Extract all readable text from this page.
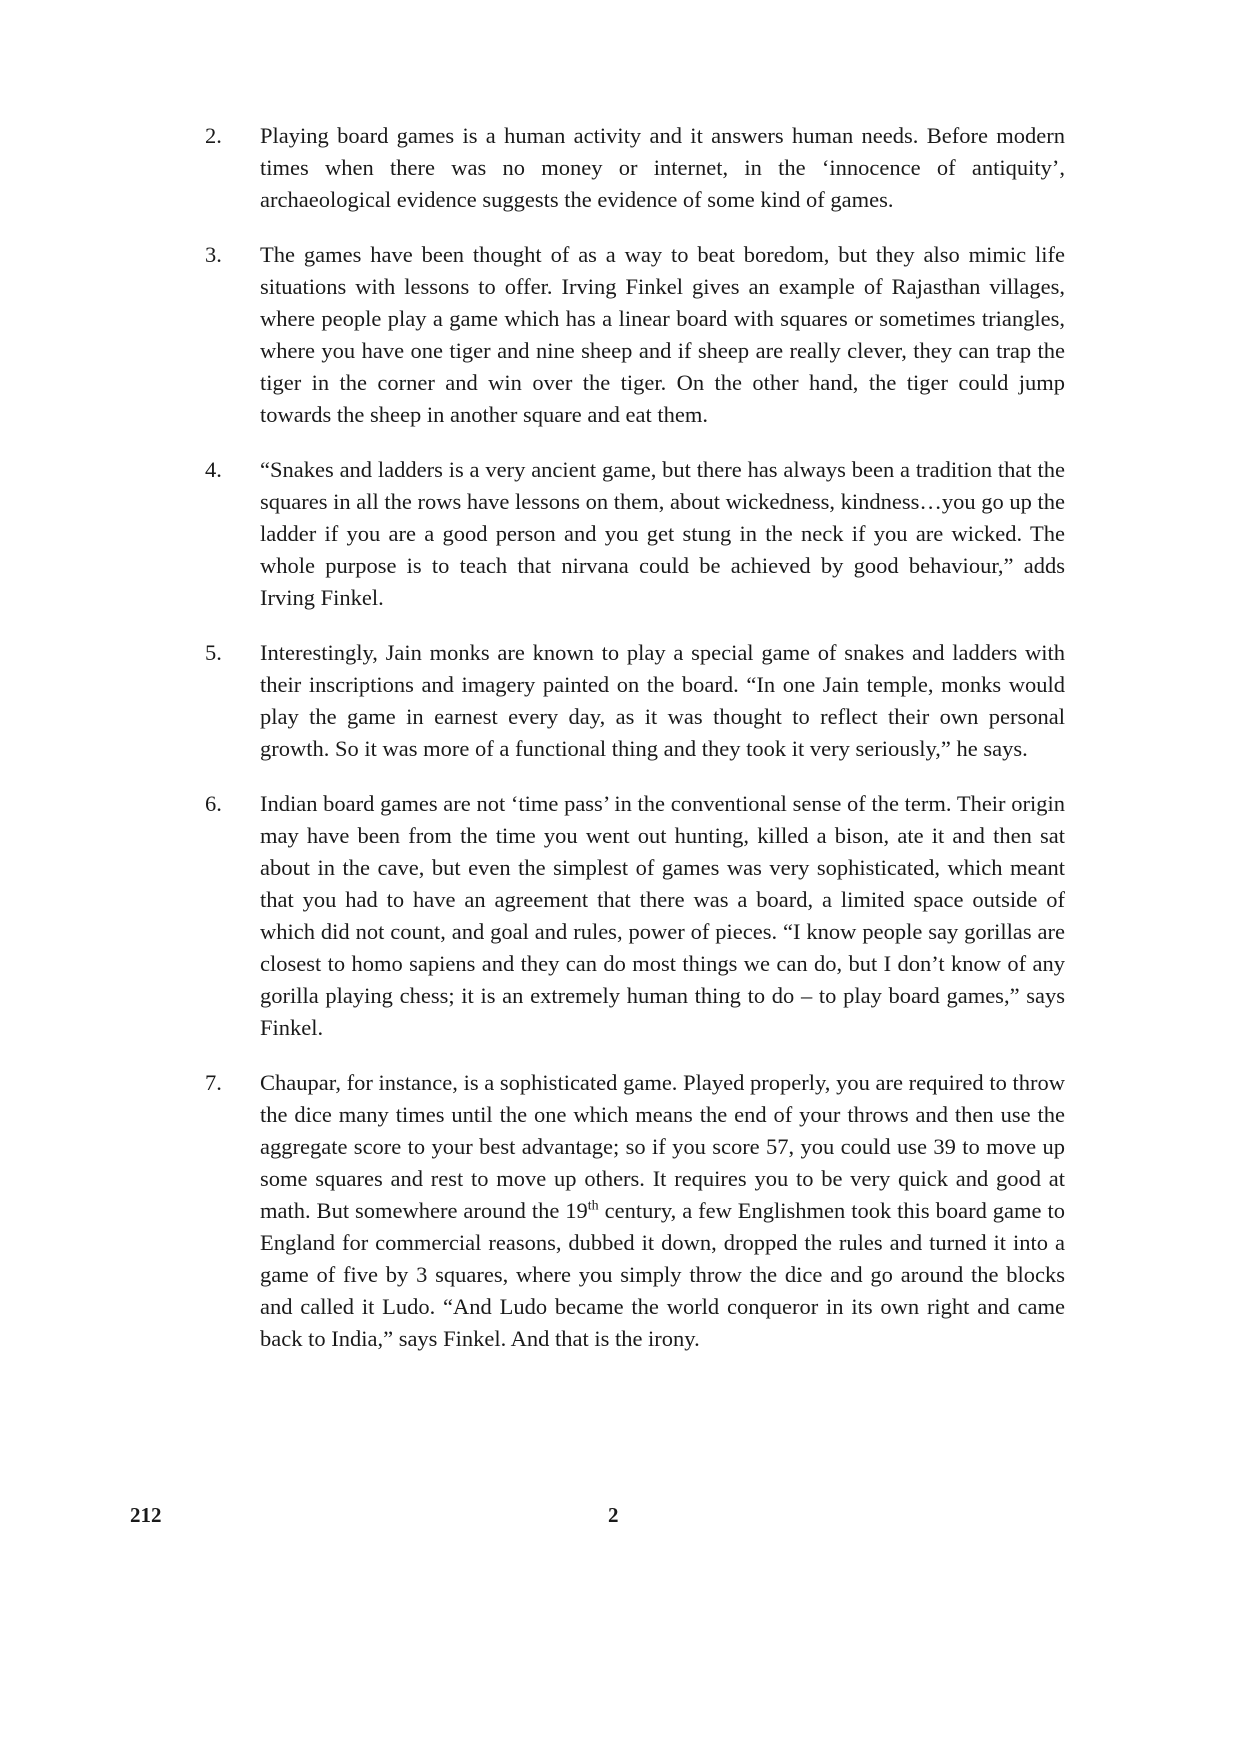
2.	Playing board games is a human activity and it answers human needs. Before modern times when there was no money or internet, in the ‘innocence of antiquity’, archaeological evidence suggests the evidence of some kind of games.
3.	The games have been thought of as a way to beat boredom, but they also mimic life situations with lessons to offer. Irving Finkel gives an example of Rajasthan villages, where people play a game which has a linear board with squares or sometimes triangles, where you have one tiger and nine sheep and if sheep are really clever, they can trap the tiger in the corner and win over the tiger. On the other hand, the tiger could jump towards the sheep in another square and eat them.
4.	“Snakes and ladders is a very ancient game, but there has always been a tradition that the squares in all the rows have lessons on them, about wickedness, kindness…you go up the ladder if you are a good person and you get stung in the neck if you are wicked. The whole purpose is to teach that nirvana could be achieved by good behaviour,” adds Irving Finkel.
5.	Interestingly, Jain monks are known to play a special game of snakes and ladders with their inscriptions and imagery painted on the board. “In one Jain temple, monks would play the game in earnest every day, as it was thought to reflect their own personal growth. So it was more of a functional thing and they took it very seriously,” he says.
6.	Indian board games are not ‘time pass’ in the conventional sense of the term. Their origin may have been from the time you went out hunting, killed a bison, ate it and then sat about in the cave, but even the simplest of games was very sophisticated, which meant that you had to have an agreement that there was a board, a limited space outside of which did not count, and goal and rules, power of pieces. “I know people say gorillas are closest to homo sapiens and they can do most things we can do, but I don’t know of any gorilla playing chess; it is an extremely human thing to do – to play board games,” says Finkel.
7.	Chaupar, for instance, is a sophisticated game. Played properly, you are required to throw the dice many times until the one which means the end of your throws and then use the aggregate score to your best advantage; so if you score 57, you could use 39 to move up some squares and rest to move up others. It requires you to be very quick and good at math. But somewhere around the 19th century, a few Englishmen took this board game to England for commercial reasons, dubbed it down, dropped the rules and turned it into a game of five by 3 squares, where you simply throw the dice and go around the blocks and called it Ludo. “And Ludo became the world conqueror in its own right and came back to India,” says Finkel. And that is the irony.
212	2
